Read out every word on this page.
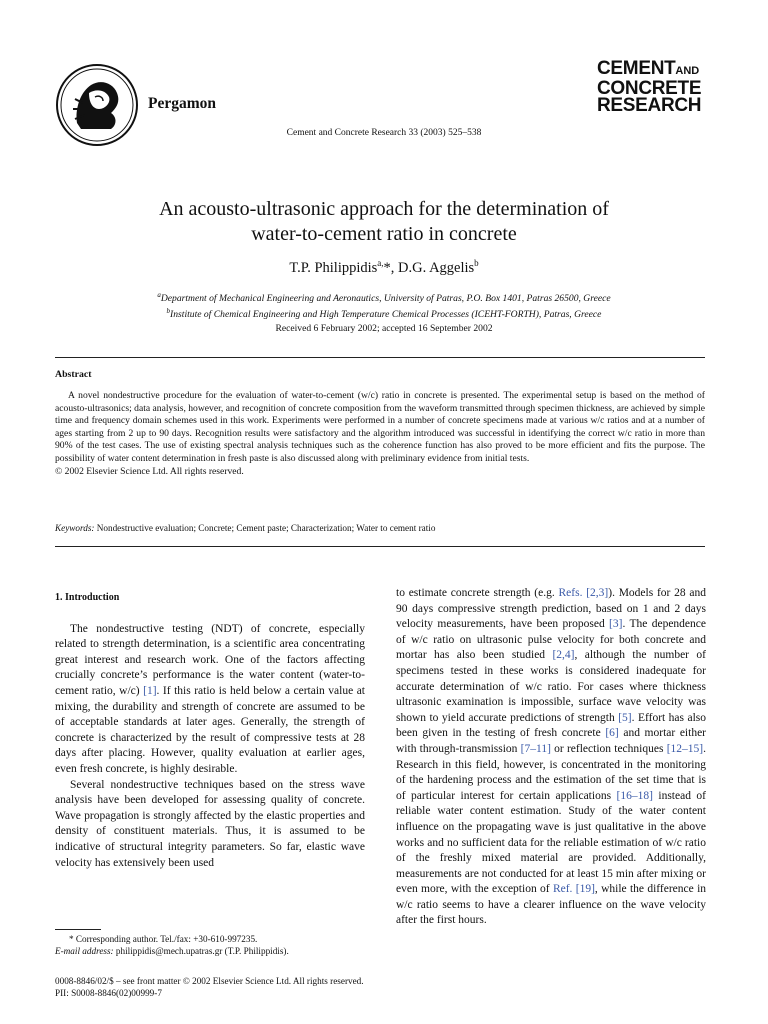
Pergamon
Cement and Concrete Research 33 (2003) 525–538
CEMENTAND
CONCRETE
RESEARCH
An acousto-ultrasonic approach for the determination of
water-to-cement ratio in concrete
T.P. Philippidis$^{a,}$*, D.G. Aggelis$^b$
$^a$Department of Mechanical Engineering and Aeronautics, University of Patras, P.O. Box 1401, Patras 26500, Greece
$^b$Institute of Chemical Engineering and High Temperature Chemical Processes (ICEHT-FORTH), Patras, Greece
Received 6 February 2002; accepted 16 September 2002
Abstract

A novel nondestructive procedure for the evaluation of water-to-cement (w/c) ratio in concrete is presented. The experimental setup is based on the method of acousto-ultrasonics; data analysis, however, and recognition of concrete composition from the waveform transmitted through specimen thickness, are achieved by simple time and frequency domain schemes used in this work. Experiments were performed in a number of concrete specimens made at various w/c ratios and at a number of ages starting from 2 up to 90 days. Recognition results were satisfactory and the algorithm introduced was successful in identifying the correct w/c ratio in more than 90% of the test cases. The use of existing spectral analysis techniques such as the coherence function has also proved to be more efficient and fits the purpose. The possibility of water content determination in fresh paste is also discussed along with preliminary evidence from initial tests.

© 2002 Elsevier Science Ltd. All rights reserved.
Keywords: Nondestructive evaluation; Concrete; Cement paste; Characterization; Water to cement ratio
1. Introduction

The nondestructive testing (NDT) of concrete, especially related to strength determination, is a scientific area concentrating great interest and research work. One of the factors affecting crucially concrete’s performance is the water content (water-to-cement ratio, w/c) [1]. If this ratio is held below a certain value at mixing, the durability and strength of concrete are assumed to be of acceptable standards at later ages. Generally, the strength of concrete is characterized by the result of compressive tests at 28 days after placing. However, quality evaluation at earlier ages, even fresh concrete, is highly desirable.

Several nondestructive techniques based on the stress wave analysis have been developed for assessing quality of concrete. Wave propagation is strongly affected by the elastic properties and density of constituent materials. Thus, it is assumed to be indicative of structural integrity parameters. So far, elastic wave velocity has extensively been used

to estimate concrete strength (e.g. Refs. [2,3]). Models for 28 and 90 days compressive strength prediction, based on 1 and 2 days velocity measurements, have been proposed [3]. The dependence of w/c ratio on ultrasonic pulse velocity for both concrete and mortar has also been studied [2,4], although the number of specimens tested in these works is considered inadequate for accurate determination of w/c ratio. For cases where thickness ultrasonic examination is impossible, surface wave velocity was shown to yield accurate predictions of strength [5]. Effort has also been given in the testing of fresh concrete [6] and mortar either with through-transmission [7–11] or reflection techniques [12–15]. Research in this field, however, is concentrated in the monitoring of the hardening process and the estimation of the set time that is of particular interest for certain applications [16–18] instead of reliable water content estimation. Study of the water content influence on the propagating wave is just qualitative in the above works and no sufficient data for the reliable estimation of w/c ratio of the freshly mixed material are provided. Additionally, measurements are not conducted for at least 15 min after mixing or even more, with the exception of Ref. [19], while the difference in w/c ratio seems to have a clearer influence on the wave velocity after the first hours.

* Corresponding author. Tel./fax: +30-610-997235.
E-mail address: philippidis@mech.upatras.gr (T.P. Philippidis).
0008-8846/02/$ – see front matter © 2002 Elsevier Science Ltd. All rights reserved.
PII: S0008-8846(02)00999-7
